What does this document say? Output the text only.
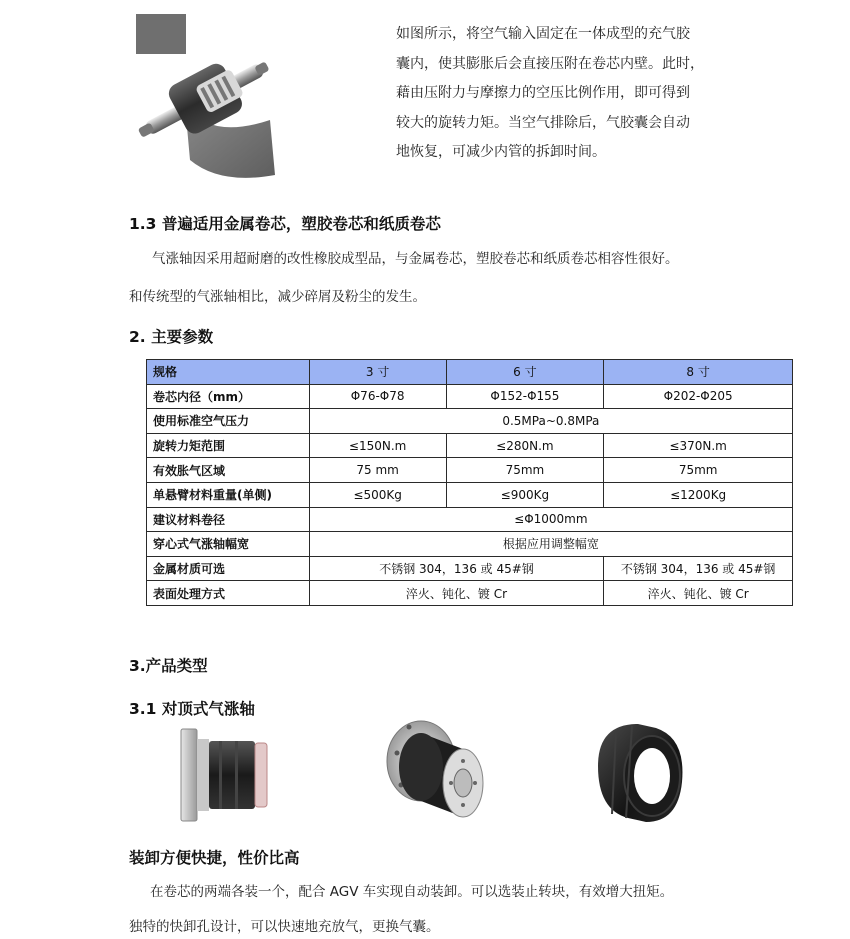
如图所示，将空气输入固定在一体成型的充气胶

囊内，使其膨胀后会直接压附在卷芯内壁。此时，

藉由压附力与摩擦力的空压比例作用，即可得到

较大的旋转力矩。当空气排除后，气胶囊会自动

地恢复，可减少内管的拆卸时间。

1.3 普遍适用金属卷芯，塑胶卷芯和纸质卷芯
气涨轴因采用超耐磨的改性橡胶成型品，与金属卷芯，塑胶卷芯和纸质卷芯相容性很好。
和传统型的气涨轴相比，减少碎屑及粉尘的发生。
2. 主要参数
规格	3 寸	6 寸	8 寸
卷芯内径（mm）	Φ76-Φ78	Φ152-Φ155	Φ202-Φ205
使用标准空气压力	0.5MPa~0.8MPa		
旋转力矩范围	≤150N.m	≤280N.m	≤370N.m
有效胀气区域	75 mm	75mm	75mm
单悬臂材料重量(单侧)	≤500Kg	≤900Kg	≤1200Kg
建议材料卷径	≤Φ1000mm		
穿心式气涨轴幅宽	根据应用调整幅宽		
金属材质可选	不锈钢 304，136 或 45#钢		不锈钢 304，136 或 45#钢
表面处理方式	淬火、钝化、镀 Cr		淬火、钝化、镀 Cr
3.产品类型
3.1 对顶式气涨轴
装卸方便快捷，性价比高
在卷芯的两端各装一个，配合 AGV 车实现自动装卸。可以选装止转块，有效增大扭矩。
独特的快卸孔设计，可以快速地充放气，更换气囊。
